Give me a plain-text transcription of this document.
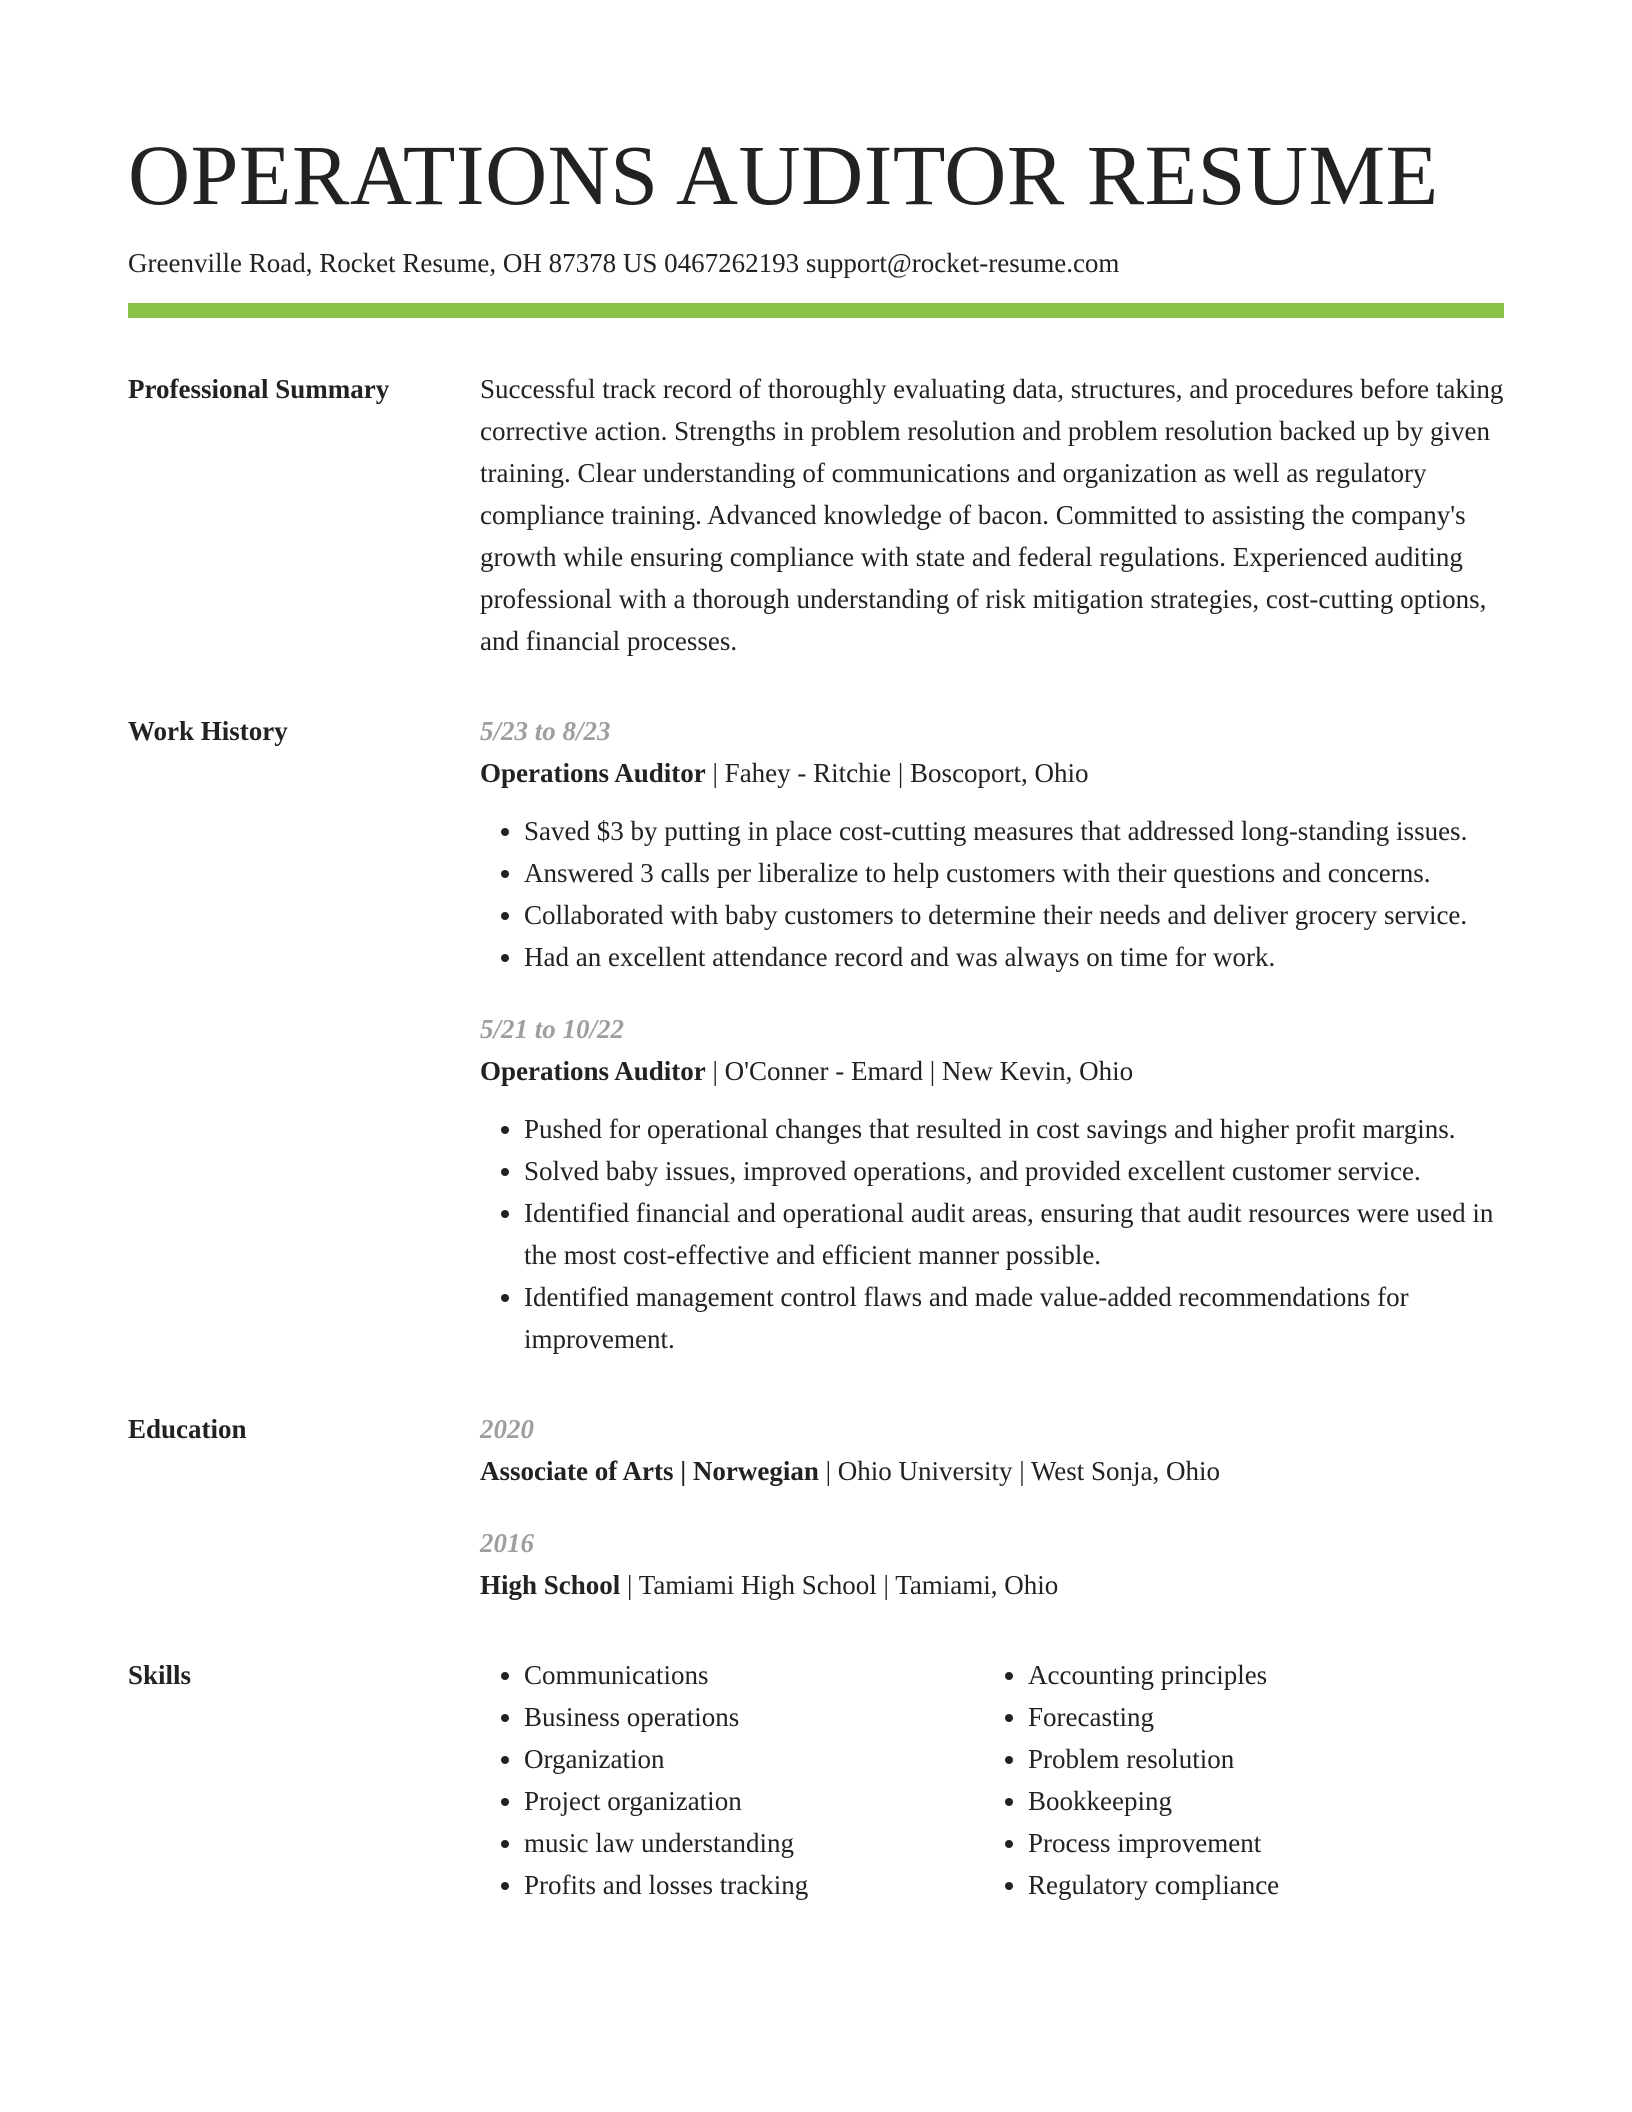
OPERATIONS AUDITOR RESUME
Greenville Road, Rocket Resume, OH 87378 US 0467262193 support@rocket-resume.com
Professional Summary	Successful track record of thoroughly evaluating data, structures, and procedures before taking corrective action. Strengths in problem resolution and problem resolution backed up by given training. Clear understanding of communications and organization as well as regulatory compliance training. Advanced knowledge of bacon. Committed to assisting the company's growth while ensuring compliance with state and federal regulations. Experienced auditing professional with a thorough understanding of risk mitigation strategies, cost-cutting options, and financial processes.
Work History	5/23 to 8/23
Operations Auditor | Fahey - Ritchie | Boscoport, Ohio
• Saved $3 by putting in place cost-cutting measures that addressed long-standing issues.
• Answered 3 calls per liberalize to help customers with their questions and concerns.
• Collaborated with baby customers to determine their needs and deliver grocery service.
• Had an excellent attendance record and was always on time for work.
5/21 to 10/22
Operations Auditor | O'Conner - Emard | New Kevin, Ohio
• Pushed for operational changes that resulted in cost savings and higher profit margins.
• Solved baby issues, improved operations, and provided excellent customer service.
• Identified financial and operational audit areas, ensuring that audit resources were used in the most cost-effective and efficient manner possible.
• Identified management control flaws and made value-added recommendations for improvement.
Education	2020
Associate of Arts | Norwegian | Ohio University | West Sonja, Ohio
2016
High School | Tamiami High School | Tamiami, Ohio
Skills
•	Communications
• Business operations
• Organization
• Project organization
• music law understanding
• Profits and losses tracking
• Accounting principles
• Forecasting
• Problem resolution
• Bookkeeping
• Process improvement
• Regulatory compliance
